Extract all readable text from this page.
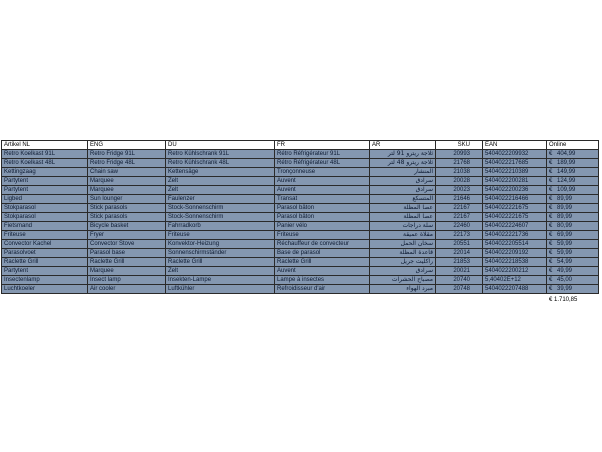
Artikel NL	ENG	DU	FR	AR	SKU	EAN	Online
Retro Koelkast 91L	Retro Fridge 91L	Retro Kühlschrank 91L	Rétro Réfrigérateur 91L	ثلاجة ريترو 91 لتر	20993	5404022209932	€ 404,99
Retro Koelkast 48L	Retro Fridge 48L	Retro Kühlschrank 48L	Rétro Réfrigérateur 48L	ثلاجة ريترو 48 لتر	21768	5404022217685	€ 189,99
Kettingzaag	Chain saw	Kettensäge	Tronçonneuse	المنشار	21038	5404022210389	€ 149,99
Partytent	Marquee	Zelt	Auvent	سرادق	20028	5404022200281	€ 124,99
Partytent	Marquee	Zelt	Auvent	سرادق	20023	5404022200236	€ 109,99
Ligbed	Sun lounger	Faulenzer	Transat	المتسكع	21646	5404022216466	€ 89,99
Stokparasol	Stick parasols	Stock-Sonnenschirm	Parasol bâton	عصا المظلة	22167	5404022221675	€ 89,99
Stokparasol	Stick parasols	Stock-Sonnenschirm	Parasol bâton	عصا المظلة	22167	5404022221675	€ 89,99
Fietsmand	Bicycle basket	Fahrradkorb	Panier vélo	سلة دراجات	22460	5404022224607	€ 80,99
Friteuse	Fryer	Friteuse	Friteuse	مقلاة عميقة	22173	5404022221736	€ 69,99
Convector Kachel	Convector Stove	Konvektor-Heizung	Réchauffeur de convecteur	سخان الحمل	20551	5404022205514	€ 59,99
Parasolvoet	Parasol base	Sonnenschirmständer	Base de parasol	قاعدة المظلة	22014	5404022209192	€ 59,99
Raclette Grill	Raclette Grill	Raclette Grill	Raclette Grill	راكليت جريل	21853	5404022218538	€ 54,99
Partytent	Marquee	Zelt	Auvent	سرادق	20021	5404022200212	€ 49,99
Insectenlamp	Insect lamp	Insekten-Lampe	Lampe à insectes	مصباح الحشرات	20740	5,40402E+12	€ 45,00
Luchtkoeler	Air cooler	Luftkühler	Refroidisseur d'air	مبرد الهواء	20748	5404022207488	€ 39,99
€ 1.710,85
